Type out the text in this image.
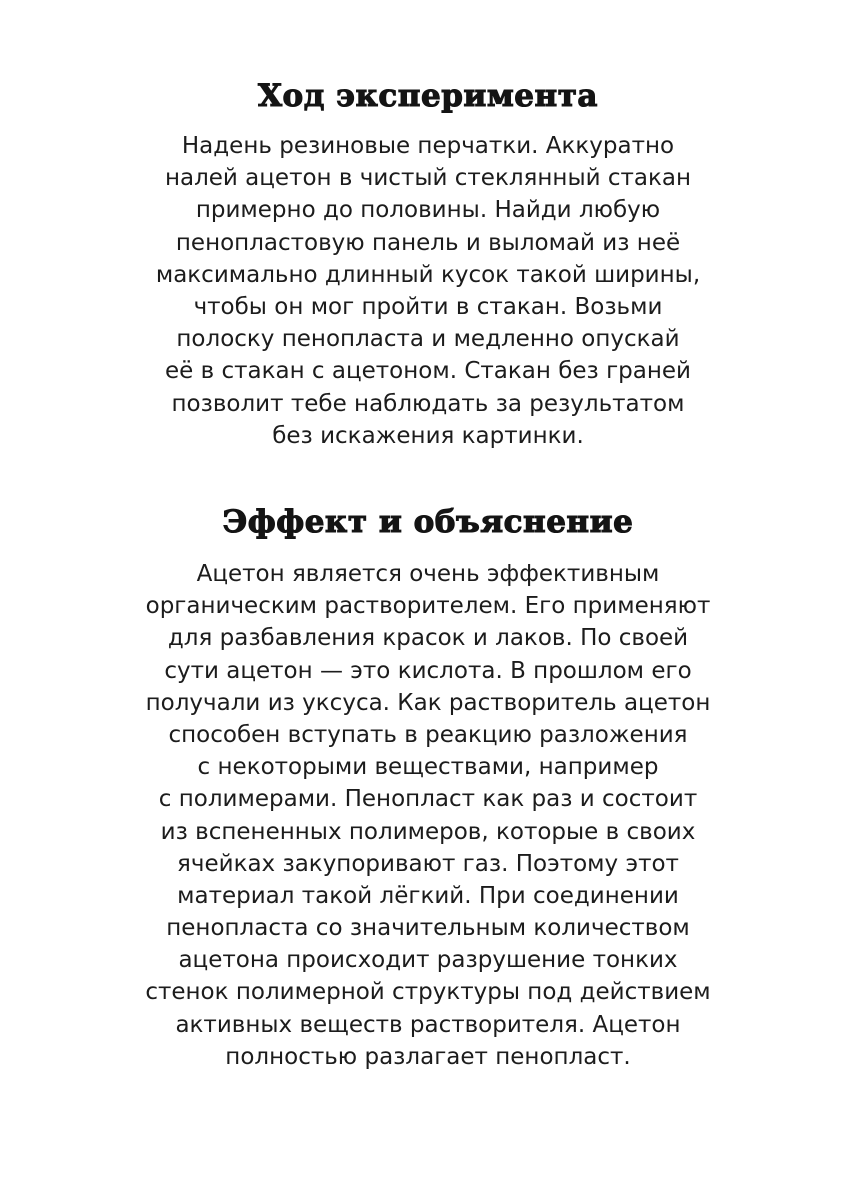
Ход эксперимента

Надень резиновые перчатки. Аккуратно
налей ацетон в чистый стеклянный стакан
примерно до половины. Найди любую
пенопластовую панель и выломай из неё
максимально длинный кусок такой ширины,
чтобы он мог пройти в стакан. Возьми
полоску пенопласта и медленно опускай
её в стакан с ацетоном. Стакан без граней
позволит тебе наблюдать за результатом
без искажения картинки.

Эффект и объяснение

Ацетон является очень эффективным
органическим растворителем. Его применяют
для разбавления красок и лаков. По своей
сути ацетон — это кислота. В прошлом его
получали из уксуса. Как растворитель ацетон
способен вступать в реакцию разложения
с некоторыми веществами, например
с полимерами. Пенопласт как раз и состоит
из вспененных полимеров, которые в своих
ячейках закупоривают газ. Поэтому этот
материал такой лёгкий. При соединении
пенопласта со значительным количеством
ацетона происходит разрушение тонких
стенок полимерной структуры под действием
активных веществ растворителя. Ацетон
полностью разлагает пенопласт.
